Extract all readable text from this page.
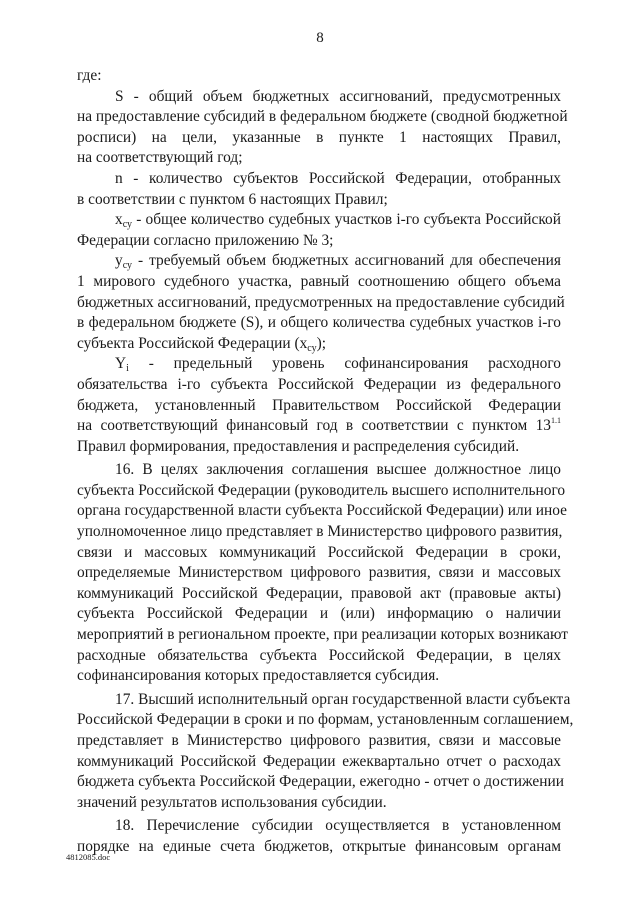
8
где:
S - общий объем бюджетных ассигнований, предусмотренных
на предоставление субсидий в федеральном бюджете (сводной бюджетной
росписи) на цели, указанные в пункте 1 настоящих Правил,
на соответствующий год;
n - количество субъектов Российской Федерации, отобранных
в соответствии с пунктом 6 настоящих Правил;
$x_{су}$ - общее количество судебных участков i-го субъекта Российской
Федерации согласно приложению № 3;
$y_{су}$ - требуемый объем бюджетных ассигнований для обеспечения
1 мирового судебного участка, равный соотношению общего объема
бюджетных ассигнований, предусмотренных на предоставление субсидий
в федеральном бюджете (S), и общего количества судебных участков i-го
субъекта Российской Федерации $(x_{су})$;
$Y_i$ - предельный уровень софинансирования расходного
обязательства i-го субъекта Российской Федерации из федерального
бюджета, установленный Правительством Российской Федерации
на соответствующий финансовый год в соответствии с пунктом $13^{1.1}$
Правил формирования, предоставления и распределения субсидий.
16. В целях заключения соглашения высшее должностное лицо
субъекта Российской Федерации (руководитель высшего исполнительного
органа государственной власти субъекта Российской Федерации) или иное
уполномоченное лицо представляет в Министерство цифрового развития,
связи и массовых коммуникаций Российской Федерации в сроки,
определяемые Министерством цифрового развития, связи и массовых
коммуникаций Российской Федерации, правовой акт (правовые акты)
субъекта Российской Федерации и (или) информацию о наличии
мероприятий в региональном проекте, при реализации которых возникают
расходные обязательства субъекта Российской Федерации, в целях
софинансирования которых предоставляется субсидия.
17. Высший исполнительный орган государственной власти субъекта
Российской Федерации в сроки и по формам, установленным соглашением,
представляет в Министерство цифрового развития, связи и массовые
коммуникаций Российской Федерации ежеквартально отчет о расходах
бюджета субъекта Российской Федерации, ежегодно - отчет о достижении
значений результатов использования субсидии.
18. Перечисление субсидии осуществляется в установленном
порядке на единые счета бюджетов, открытые финансовым органам
4812085.doc
